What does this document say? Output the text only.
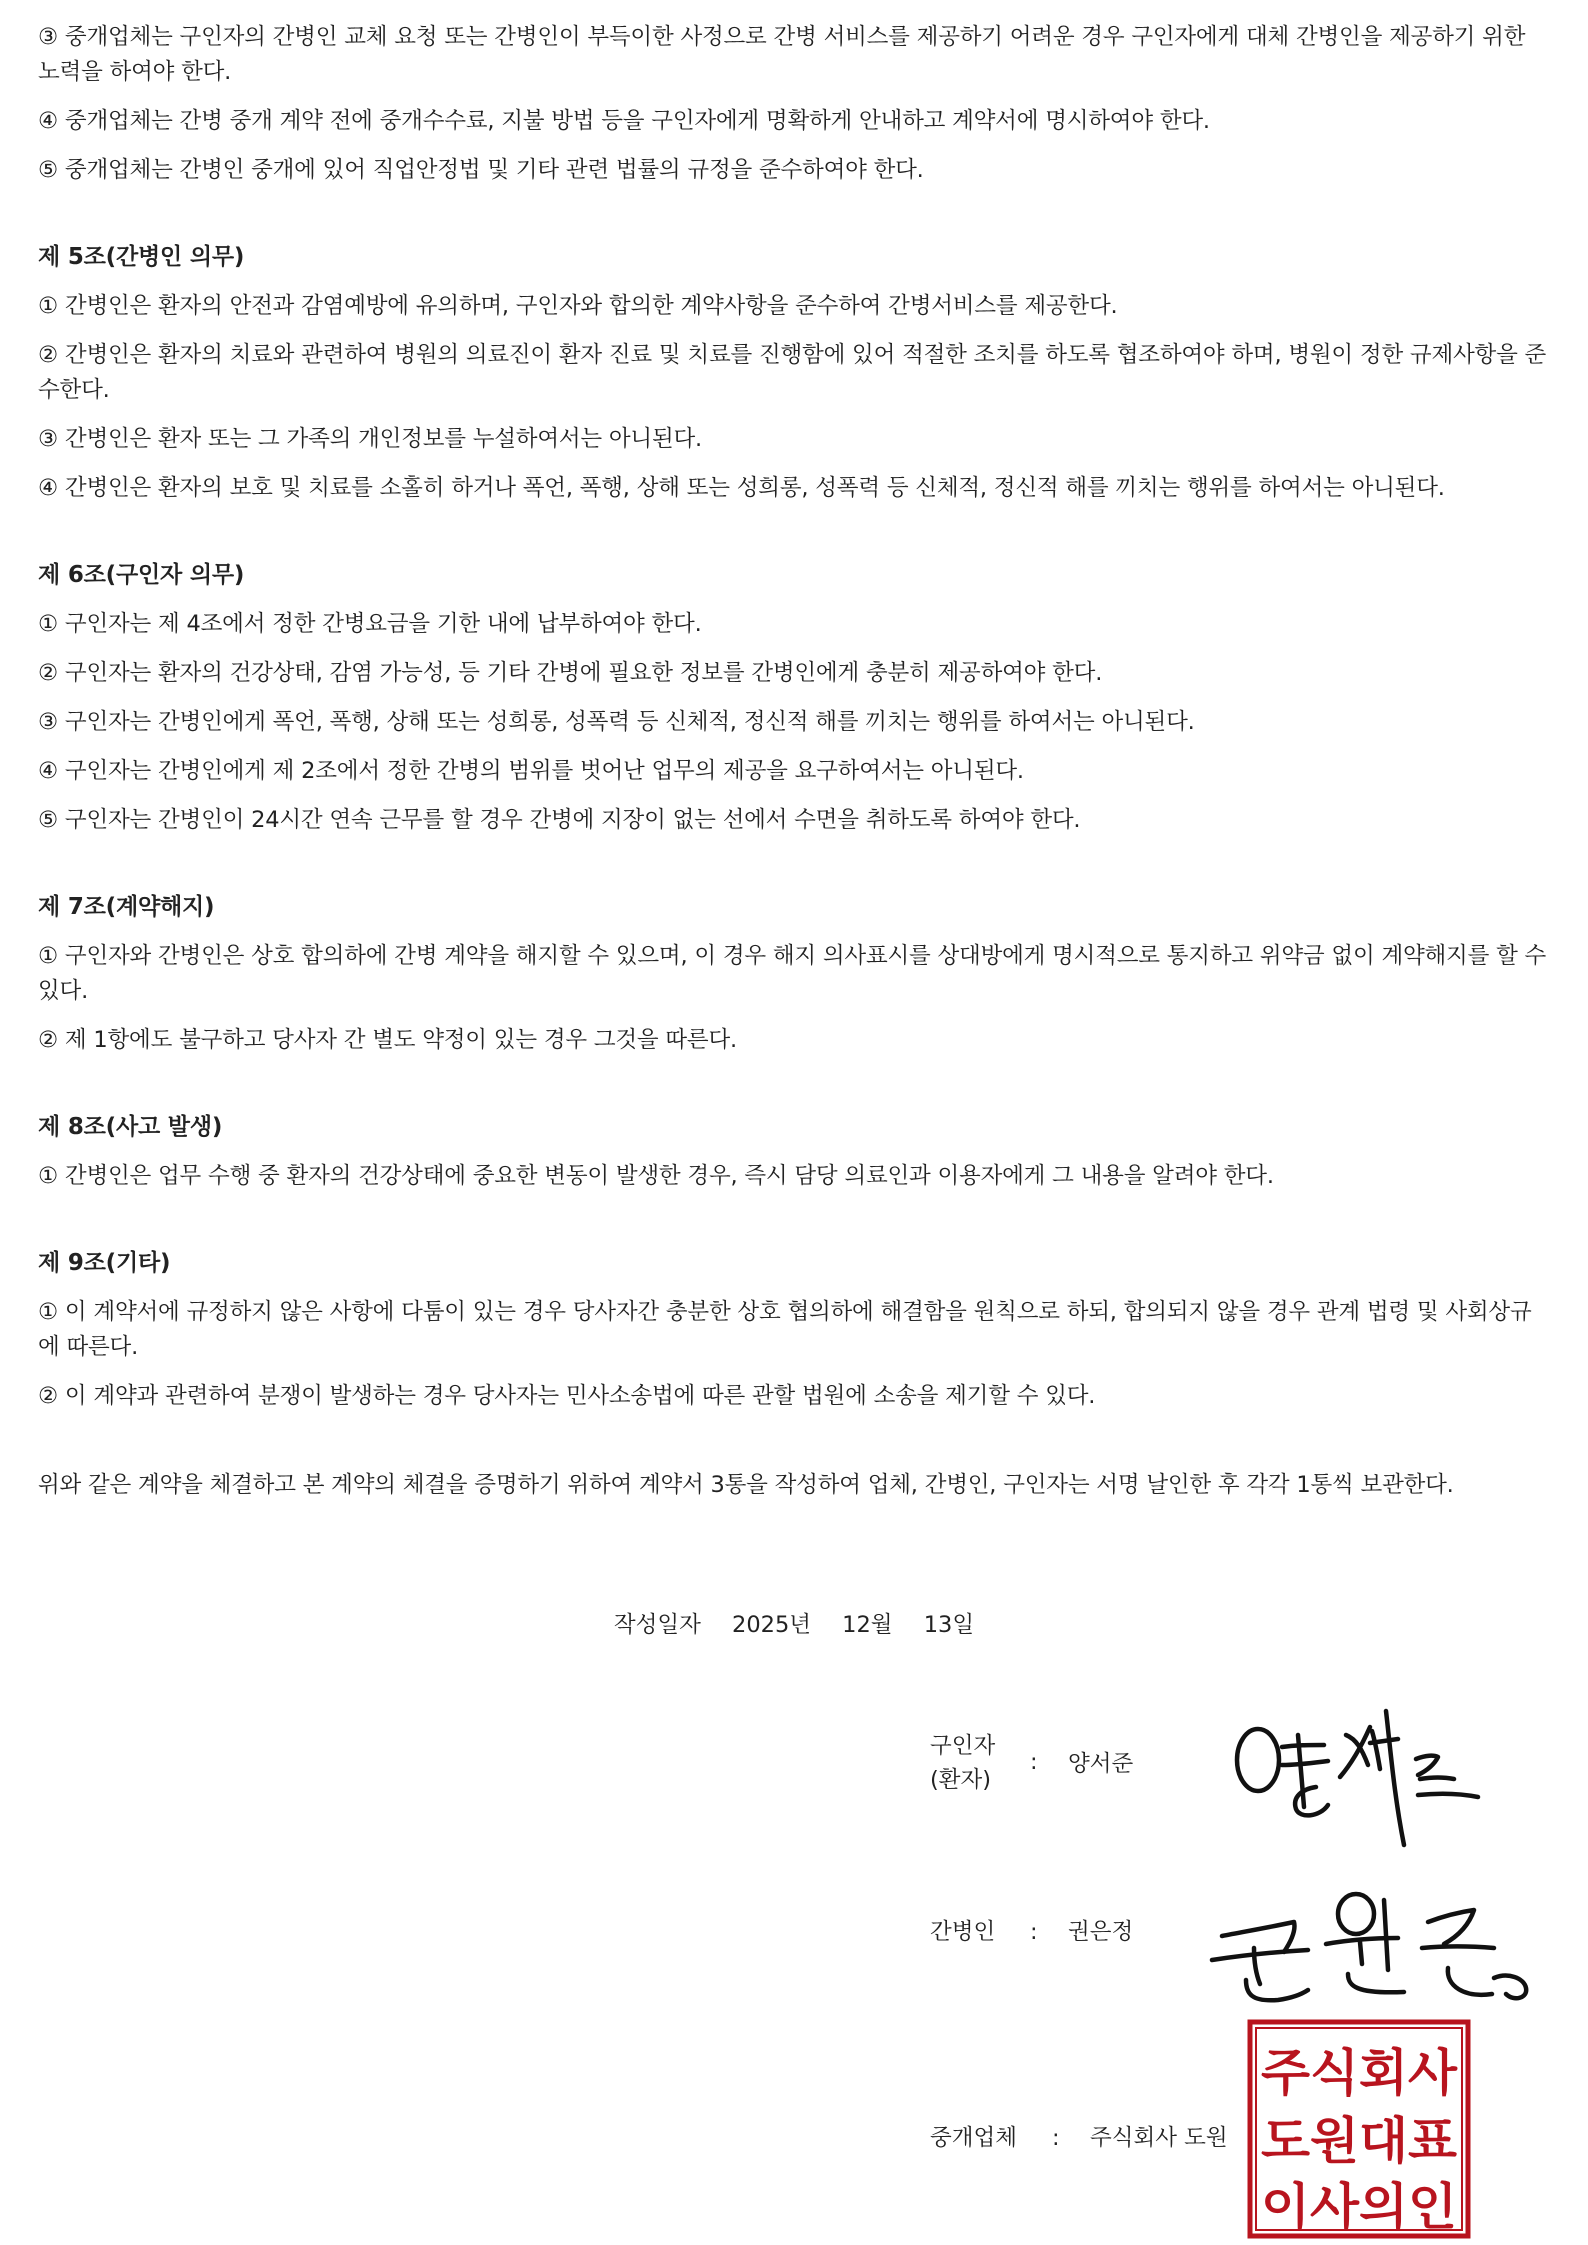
③ 중개업체는 구인자의 간병인 교체 요청 또는 간병인이 부득이한 사정으로 간병 서비스를 제공하기 어려운 경우 구인자에게 대체 간병인을 제공하기 위한 노력을 하여야 한다.

④ 중개업체는 간병 중개 계약 전에 중개수수료, 지불 방법 등을 구인자에게 명확하게 안내하고 계약서에 명시하여야 한다.

⑤ 중개업체는 간병인 중개에 있어 직업안정법 및 기타 관련 법률의 규정을 준수하여야 한다.

제 5조(간병인 의무)

① 간병인은 환자의 안전과 감염예방에 유의하며, 구인자와 합의한 계약사항을 준수하여 간병서비스를 제공한다.

② 간병인은 환자의 치료와 관련하여 병원의 의료진이 환자 진료 및 치료를 진행함에 있어 적절한 조치를 하도록 협조하여야 하며, 병원이 정한 규제사항을 준수한다.

③ 간병인은 환자 또는 그 가족의 개인정보를 누설하여서는 아니된다.

④ 간병인은 환자의 보호 및 치료를 소홀히 하거나 폭언, 폭행, 상해 또는 성희롱, 성폭력 등 신체적, 정신적 해를 끼치는 행위를 하여서는 아니된다.

제 6조(구인자 의무)

① 구인자는 제 4조에서 정한 간병요금을 기한 내에 납부하여야 한다.

② 구인자는 환자의 건강상태, 감염 가능성, 등 기타 간병에 필요한 정보를 간병인에게 충분히 제공하여야 한다.

③ 구인자는 간병인에게 폭언, 폭행, 상해 또는 성희롱, 성폭력 등 신체적, 정신적 해를 끼치는 행위를 하여서는 아니된다.

④ 구인자는 간병인에게 제 2조에서 정한 간병의 범위를 벗어난 업무의 제공을 요구하여서는 아니된다.

⑤ 구인자는 간병인이 24시간 연속 근무를 할 경우 간병에 지장이 없는 선에서 수면을 취하도록 하여야 한다.

제 7조(계약해지)

① 구인자와 간병인은 상호 합의하에 간병 계약을 해지할 수 있으며, 이 경우 해지 의사표시를 상대방에게 명시적으로 통지하고 위약금 없이 계약해지를 할 수 있다.

② 제 1항에도 불구하고 당사자 간 별도 약정이 있는 경우 그것을 따른다.

제 8조(사고 발생)

① 간병인은 업무 수행 중 환자의 건강상태에 중요한 변동이 발생한 경우, 즉시 담당 의료인과 이용자에게 그 내용을 알려야 한다.

제 9조(기타)

① 이 계약서에 규정하지 않은 사항에 다툼이 있는 경우 당사자간 충분한 상호 협의하에 해결함을 원칙으로 하되, 합의되지 않을 경우 관계 법령 및 사회상규에 따른다.

② 이 계약과 관련하여 분쟁이 발생하는 경우 당사자는 민사소송법에 따른 관할 법원에 소송을 제기할 수 있다.

위와 같은 계약을 체결하고 본 계약의 체결을 증명하기 위하여 계약서 3통을 작성하여 업체, 간병인, 구인자는 서명 날인한 후 각각 1통씩 보관한다.

작성일자 2025년 12월 13일
구인자
(환자)
: 양서준
간병인	: 권은정
중개업체	: 주식회사 도원
주식회사
도원대표
이사의인
